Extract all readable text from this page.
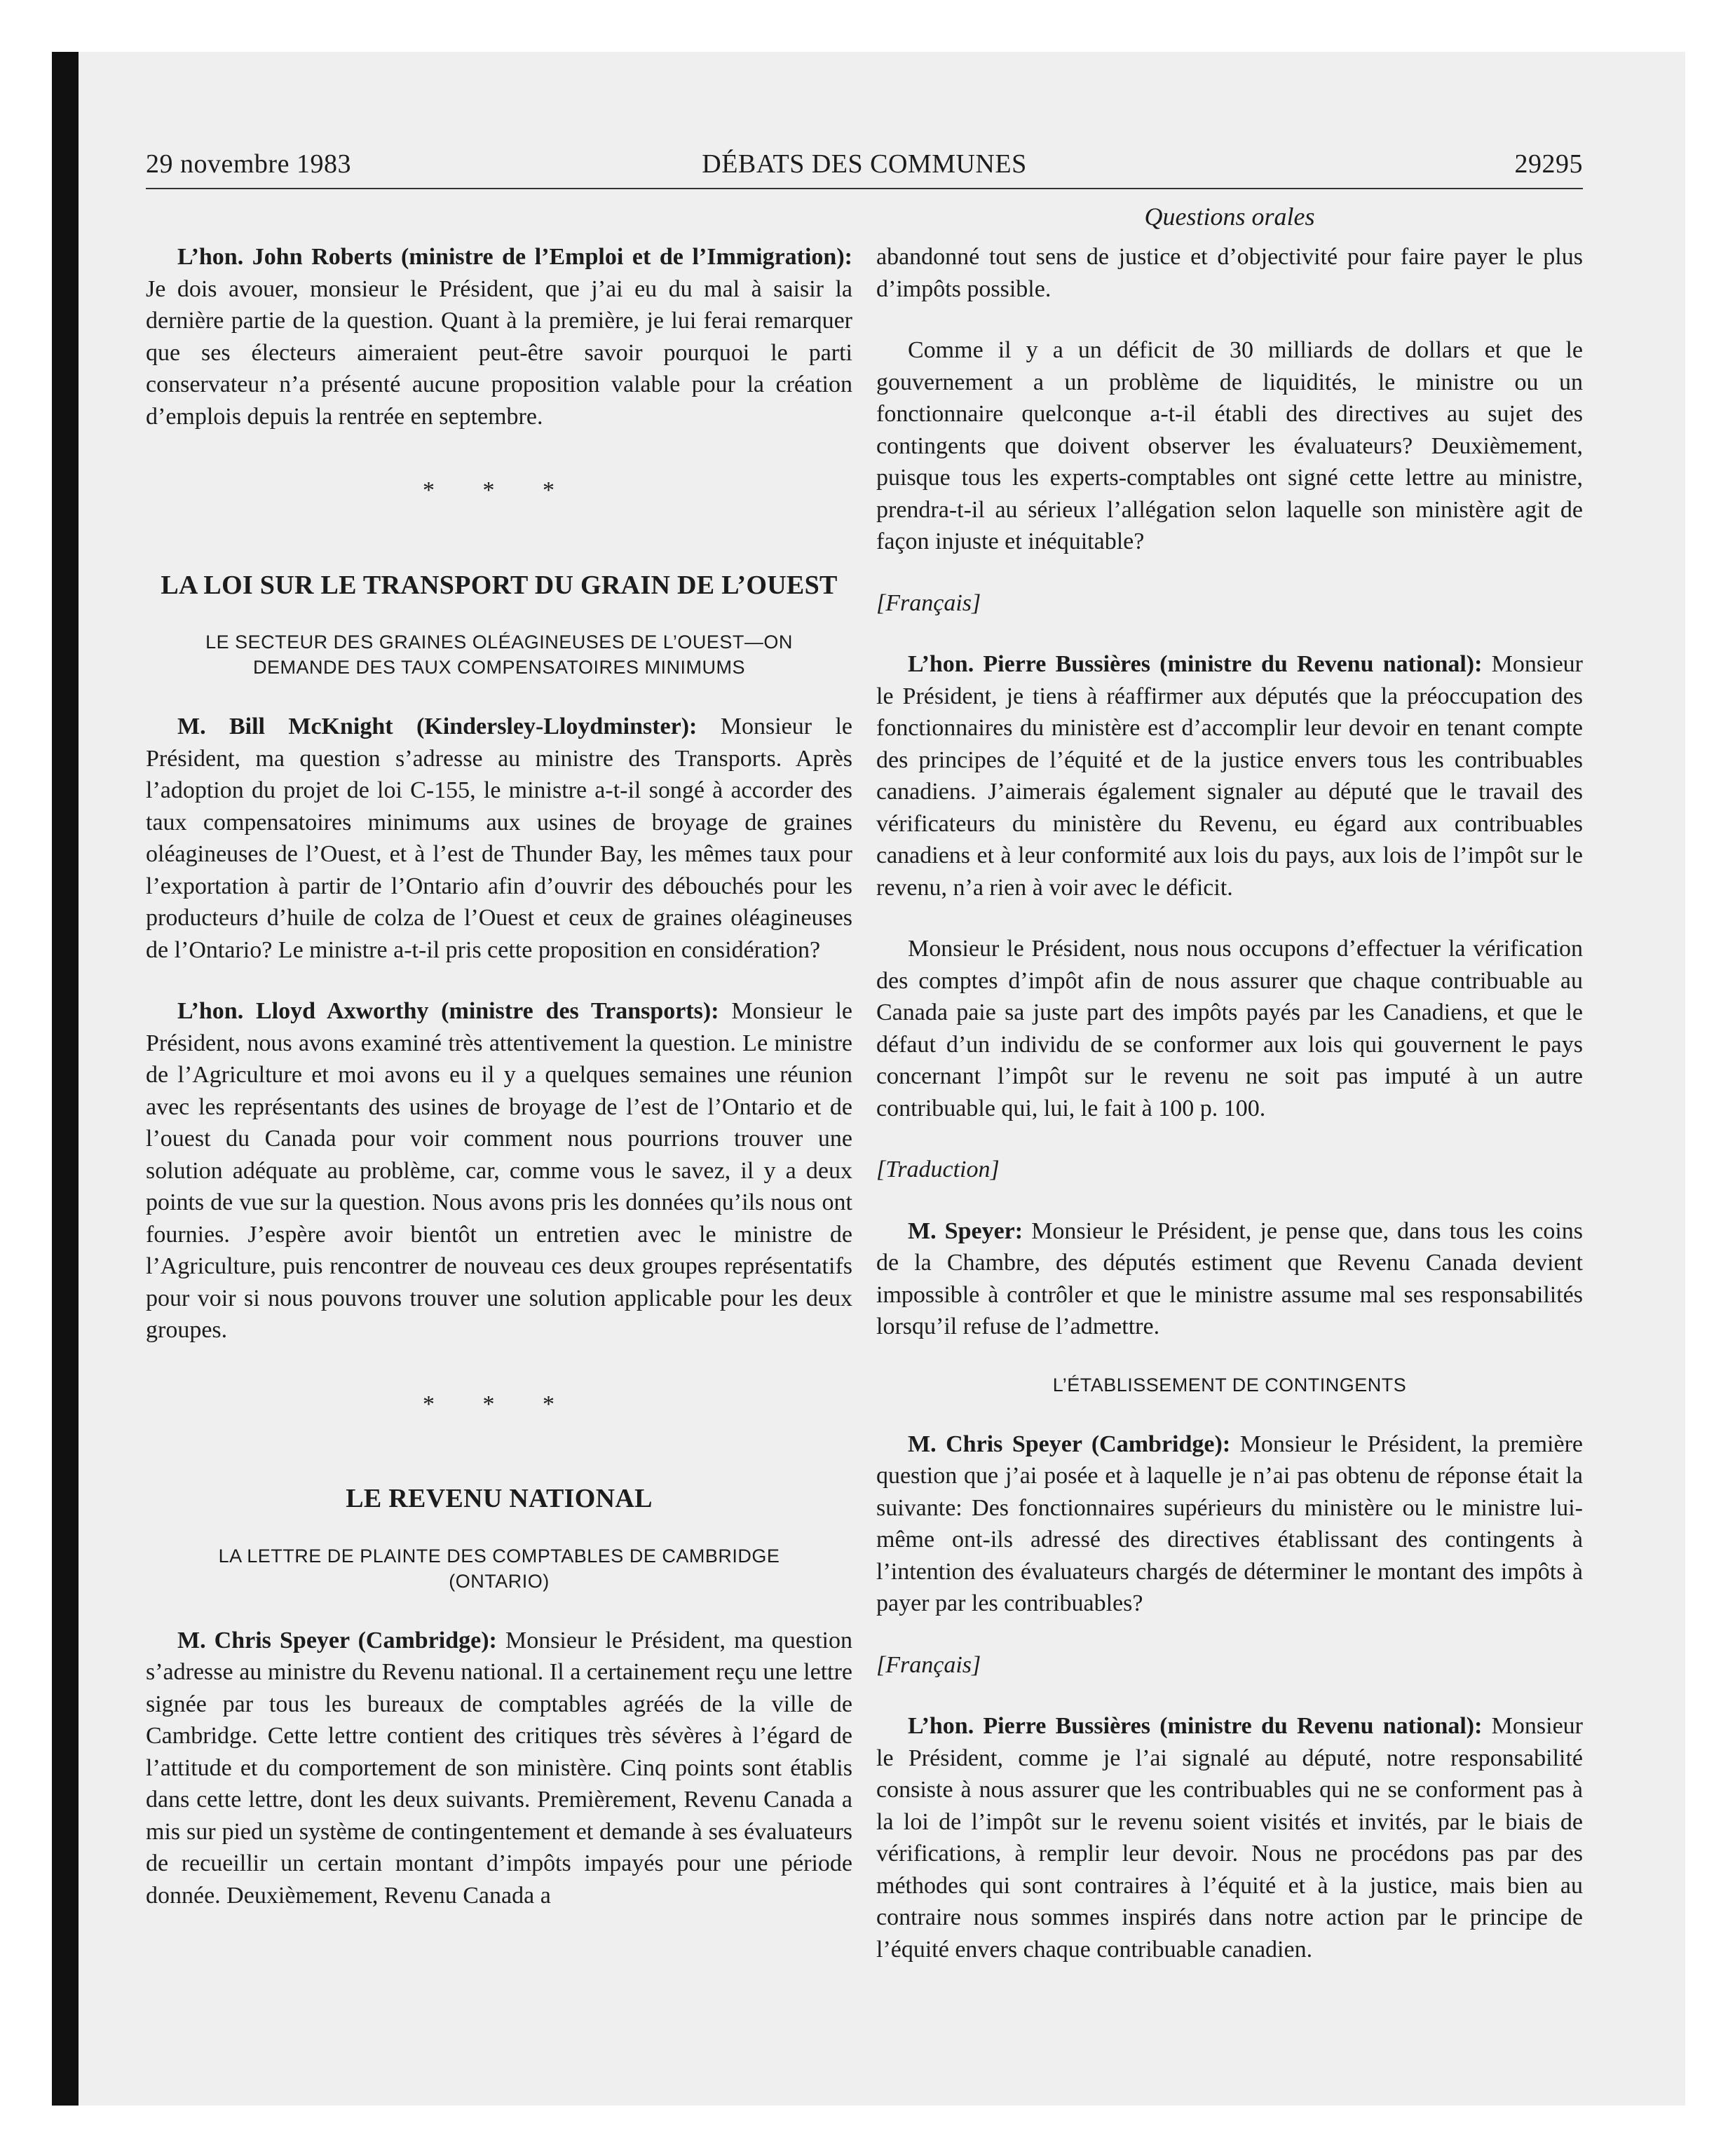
29 novembre 1983	DÉBATS DES COMMUNES	29295
Questions orales

L’hon. John Roberts (ministre de l’Emploi et de l’Immigration): Je dois avouer, monsieur le Président, que j’ai eu du mal à saisir la dernière partie de la question. Quant à la première, je lui ferai remarquer que ses électeurs aimeraient peut-être savoir pourquoi le parti conservateur n’a présenté aucune proposition valable pour la création d’emplois depuis la rentrée en septembre.

* * *
LA LOI SUR LE TRANSPORT DU GRAIN DE L’OUEST
LE SECTEUR DES GRAINES OLÉAGINEUSES DE L’OUEST—ON DEMANDE DES TAUX COMPENSATOIRES MINIMUMS

M. Bill McKnight (Kindersley-Lloydminster): Monsieur le Président, ma question s’adresse au ministre des Transports. Après l’adoption du projet de loi C-155, le ministre a-t-il songé à accorder des taux compensatoires minimums aux usines de broyage de graines oléagineuses de l’Ouest, et à l’est de Thunder Bay, les mêmes taux pour l’exportation à partir de l’Ontario afin d’ouvrir des débouchés pour les producteurs d’huile de colza de l’Ouest et ceux de graines oléagineuses de l’Ontario? Le ministre a-t-il pris cette proposition en considération?

L’hon. Lloyd Axworthy (ministre des Transports): Monsieur le Président, nous avons examiné très attentivement la question. Le ministre de l’Agriculture et moi avons eu il y a quelques semaines une réunion avec les représentants des usines de broyage de l’est de l’Ontario et de l’ouest du Canada pour voir comment nous pourrions trouver une solution adéquate au problème, car, comme vous le savez, il y a deux points de vue sur la question. Nous avons pris les données qu’ils nous ont fournies. J’espère avoir bientôt un entretien avec le ministre de l’Agriculture, puis rencontrer de nouveau ces deux groupes représentatifs pour voir si nous pouvons trouver une solution applicable pour les deux groupes.

* * *
LE REVENU NATIONAL
LA LETTRE DE PLAINTE DES COMPTABLES DE CAMBRIDGE (ONTARIO)

M. Chris Speyer (Cambridge): Monsieur le Président, ma question s’adresse au ministre du Revenu national. Il a certainement reçu une lettre signée par tous les bureaux de comptables agréés de la ville de Cambridge. Cette lettre contient des critiques très sévères à l’égard de l’attitude et du comportement de son ministère. Cinq points sont établis dans cette lettre, dont les deux suivants. Premièrement, Revenu Canada a mis sur pied un système de contingentement et demande à ses évaluateurs de recueillir un certain montant d’impôts impayés pour une période donnée. Deuxièmement, Revenu Canada a

abandonné tout sens de justice et d’objectivité pour faire payer le plus d’impôts possible.

Comme il y a un déficit de 30 milliards de dollars et que le gouvernement a un problème de liquidités, le ministre ou un fonctionnaire quelconque a-t-il établi des directives au sujet des contingents que doivent observer les évaluateurs? Deuxièmement, puisque tous les experts-comptables ont signé cette lettre au ministre, prendra-t-il au sérieux l’allégation selon laquelle son ministère agit de façon injuste et inéquitable?

[Français]

L’hon. Pierre Bussières (ministre du Revenu national): Monsieur le Président, je tiens à réaffirmer aux députés que la préoccupation des fonctionnaires du ministère est d’accomplir leur devoir en tenant compte des principes de l’équité et de la justice envers tous les contribuables canadiens. J’aimerais également signaler au député que le travail des vérificateurs du ministère du Revenu, eu égard aux contribuables canadiens et à leur conformité aux lois du pays, aux lois de l’impôt sur le revenu, n’a rien à voir avec le déficit.

Monsieur le Président, nous nous occupons d’effectuer la vérification des comptes d’impôt afin de nous assurer que chaque contribuable au Canada paie sa juste part des impôts payés par les Canadiens, et que le défaut d’un individu de se conformer aux lois qui gouvernent le pays concernant l’impôt sur le revenu ne soit pas imputé à un autre contribuable qui, lui, le fait à 100 p. 100.

[Traduction]

M. Speyer: Monsieur le Président, je pense que, dans tous les coins de la Chambre, des députés estiment que Revenu Canada devient impossible à contrôler et que le ministre assume mal ses responsabilités lorsqu’il refuse de l’admettre.

L’ÉTABLISSEMENT DE CONTINGENTS

M. Chris Speyer (Cambridge): Monsieur le Président, la première question que j’ai posée et à laquelle je n’ai pas obtenu de réponse était la suivante: Des fonctionnaires supérieurs du ministère ou le ministre lui-même ont-ils adressé des directives établissant des contingents à l’intention des évaluateurs chargés de déterminer le montant des impôts à payer par les contribuables?

[Français]

L’hon. Pierre Bussières (ministre du Revenu national): Monsieur le Président, comme je l’ai signalé au député, notre responsabilité consiste à nous assurer que les contribuables qui ne se conforment pas à la loi de l’impôt sur le revenu soient visités et invités, par le biais de vérifications, à remplir leur devoir. Nous ne procédons pas par des méthodes qui sont contraires à l’équité et à la justice, mais bien au contraire nous sommes inspirés dans notre action par le principe de l’équité envers chaque contribuable canadien.
